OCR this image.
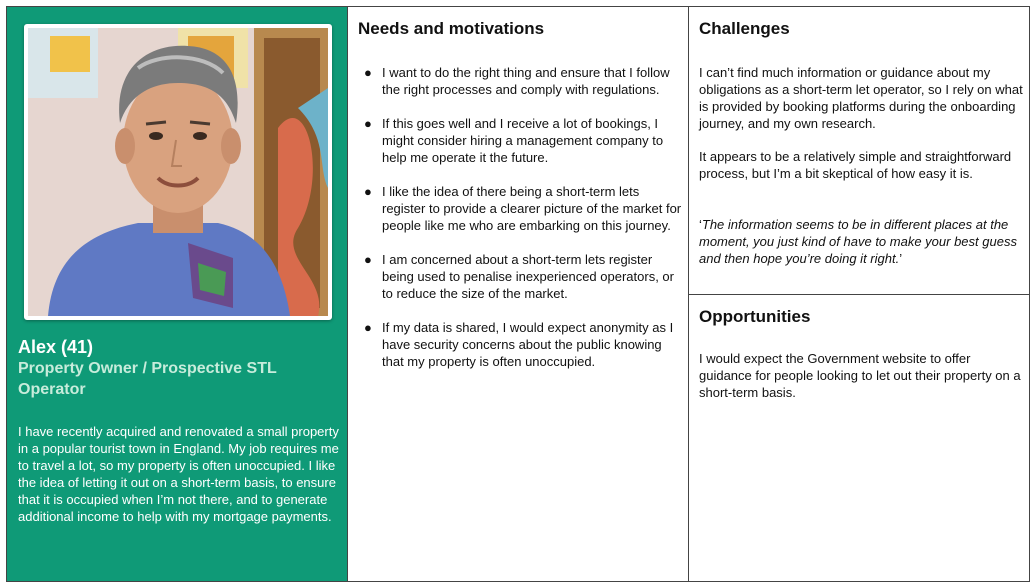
Alex (41)
Property Owner / Prospective STL Operator
I have recently acquired and renovated a small property in a popular tourist town in England. My job requires me to travel a lot, so my property is often unoccupied. I like the idea of letting it out on a short-term basis, to ensure that it is occupied when I’m not there, and to generate additional income to help with my mortgage payments.
Needs and motivations
● I want to do the right thing and ensure that I follow the right processes and comply with regulations.
● If this goes well and I receive a lot of bookings, I might consider hiring a management company to help me operate it the future.
● I like the idea of there being a short-term lets register to provide a clearer picture of the market for people like me who are embarking on this journey.
● I am concerned about a short-term lets register being used to penalise inexperienced operators, or to reduce the size of the market.
● If my data is shared, I would expect anonymity as I have security concerns about the public knowing that my property is often unoccupied.
Challenges
I can’t find much information or guidance about my obligations as a short-term let operator, so I rely on what is provided by booking platforms during the onboarding journey, and my own research.
It appears to be a relatively simple and straightforward process, but I’m a bit skeptical of how easy it is.
‘The information seems to be in different places at the moment, you just kind of have to make your best guess and then hope you’re doing it right.’
Opportunities
I would expect the Government website to offer guidance for people looking to let out their property on a short-term basis.
